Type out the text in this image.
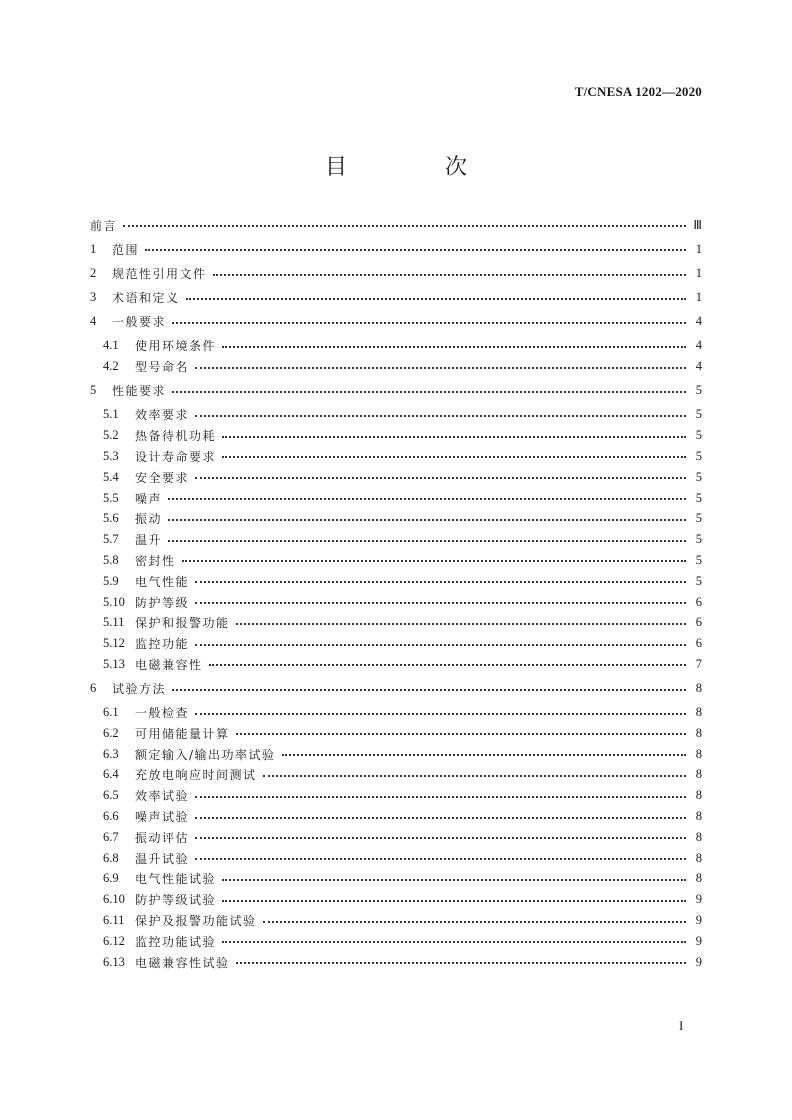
T/CNESA 1202—2020
目　次
前言	Ⅲ
1	范围	1
2	规范性引用文件	1
3	术语和定义	1
4	一般要求	4
4.1	使用环境条件	4
4.2	型号命名	4
5	性能要求	5
5.1	效率要求	5
5.2	热备待机功耗	5
5.3	设计寿命要求	5
5.4	安全要求	5
5.5	噪声	5
5.6	振动	5
5.7	温升	5
5.8	密封性	5
5.9	电气性能	5
5.10 防护等级	6
5.11 保护和报警功能	6
5.12 监控功能	6
5.13 电磁兼容性	7
6	试验方法	8
6.1	一般检查	8
6.2	可用储能量计算	8
6.3	额定输入/输出功率试验	8
6.4	充放电响应时间测试	8
6.5	效率试验	8
6.6	噪声试验	8
6.7	振动评估	8
6.8	温升试验	8
6.9	电气性能试验	8
6.10 防护等级试验	9
6.11 保护及报警功能试验	9
6.12 监控功能试验	9
6.13 电磁兼容性试验	9
I
